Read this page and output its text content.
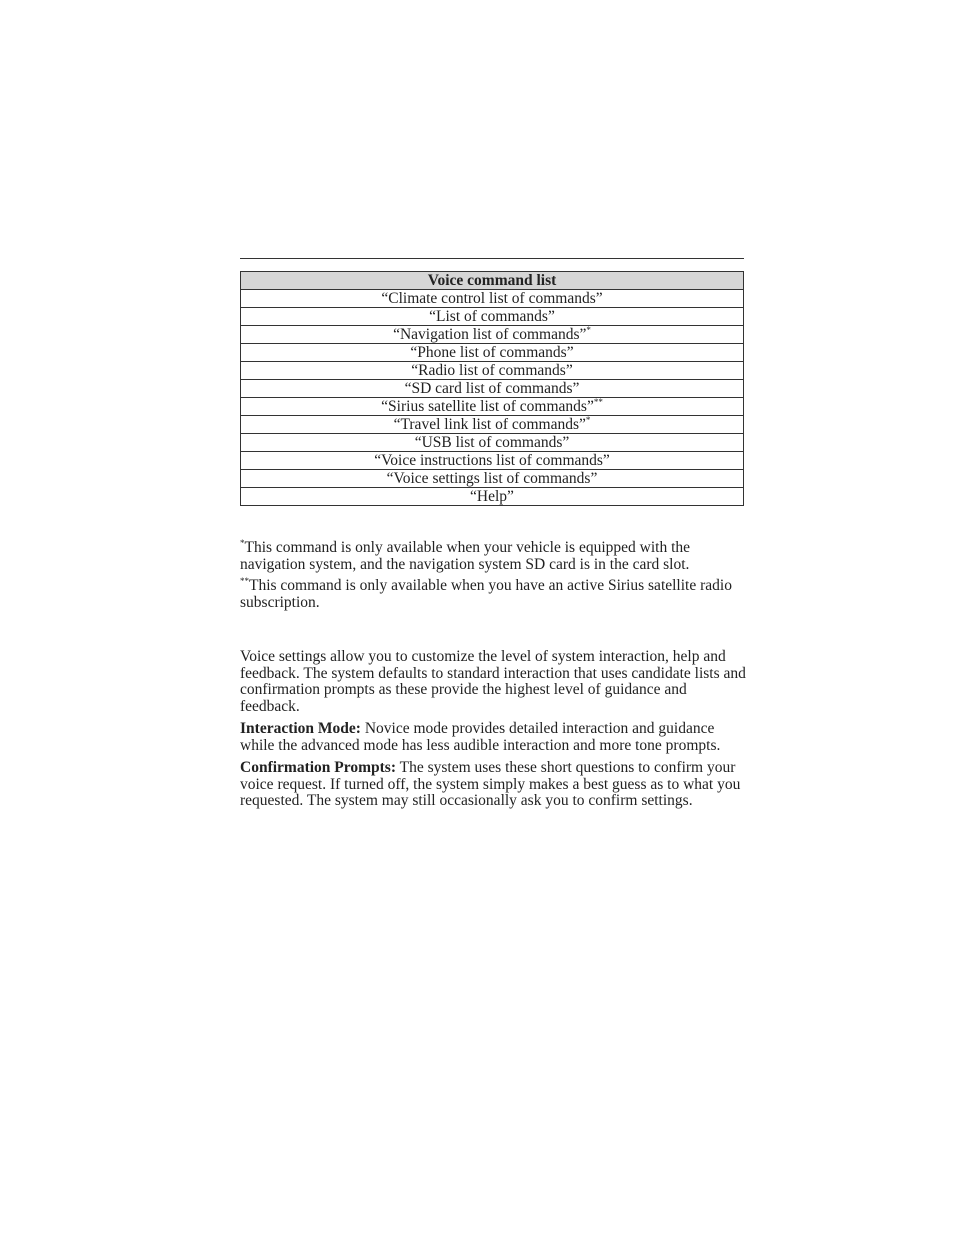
Voice command list
“Climate control list of commands”
“List of commands”
“Navigation list of commands”*
“Phone list of commands”
“Radio list of commands”
“SD card list of commands”
“Sirius satellite list of commands”**
“Travel link list of commands”*
“USB list of commands”
“Voice instructions list of commands”
“Voice settings list of commands”
“Help”

*This command is only available when your vehicle is equipped with the navigation system, and the navigation system SD card is in the card slot.

**This command is only available when you have an active Sirius satellite radio subscription.

Voice settings allow you to customize the level of system interaction, help and feedback. The system defaults to standard interaction that uses candidate lists and confirmation prompts as these provide the highest level of guidance and feedback.

Interaction Mode: Novice mode provides detailed interaction and guidance while the advanced mode has less audible interaction and more tone prompts.

Confirmation Prompts: The system uses these short questions to confirm your voice request. If turned off, the system simply makes a best guess as to what you requested. The system may still occasionally ask you to confirm settings.
